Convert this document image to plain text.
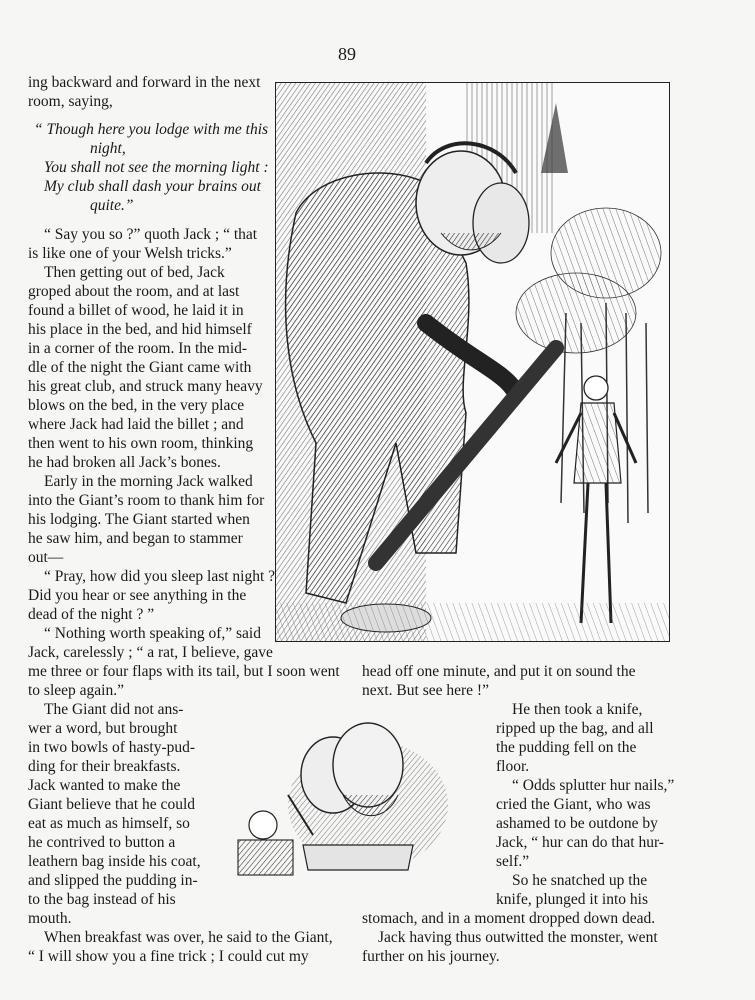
89
ing backward and forward in the next
room, saying,
“ Though here you lodge with me this
night,
You shall not see the morning light :
My club shall dash your brains out
quite.”
“ Say you so ?” quoth Jack ; “ that
is like one of your Welsh tricks.”
Then getting out of bed, Jack
groped about the room, and at last
found a billet of wood, he laid it in
his place in the bed, and hid himself
in a corner of the room. In the mid-
dle of the night the Giant came with
his great club, and struck many heavy
blows on the bed, in the very place
where Jack had laid the billet ; and
then went to his own room, thinking
he had broken all Jack’s bones.
Early in the morning Jack walked
into the Giant’s room to thank him for
his lodging. The Giant started when
he saw him, and began to stammer
out—
“ Pray, how did you sleep last night ?
Did you hear or see anything in the
dead of the night ? ”
“ Nothing worth speaking of,” said
Jack, carelessly ; “ a rat, I believe, gave
me three or four flaps with its tail, but I soon went
to sleep again.”
head off one minute, and put it on sound the
next. But see here !”
The Giant did not ans-
wer a word, but brought
in two bowls of hasty-pud-
ding for their breakfasts.
Jack wanted to make the
Giant believe that he could
eat as much as himself, so
he contrived to button a
leathern bag inside his coat,
and slipped the pudding in-
to the bag instead of his
mouth.
He then took a knife,
ripped up the bag, and all
the pudding fell on the
floor.
“ Odds splutter hur nails,”
cried the Giant, who was
ashamed to be outdone by
Jack, “ hur can do that hur-
self.”
So he snatched up the
knife, plunged it into his
stomach, and in a moment dropped down dead.
Jack having thus outwitted the monster, went
further on his journey.
When breakfast was over, he said to the Giant,
“ I will show you a fine trick ; I could cut my
